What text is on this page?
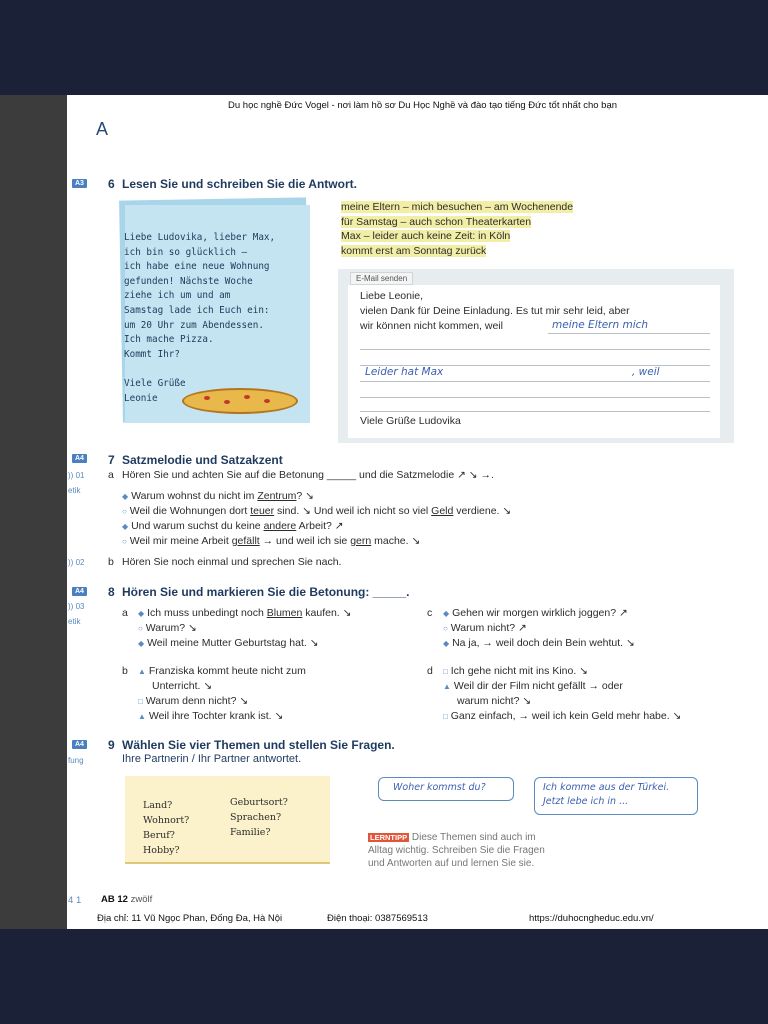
Du học nghề Đức Vogel - nơi làm hồ sơ Du Học Nghề và đào tạo tiếng Đức tốt nhất cho bạn
A
A3 6 Lesen Sie und schreiben Sie die Antwort.
Liebe Ludovika, lieber Max,
ich bin so glücklich –
ich habe eine neue Wohnung
gefunden! Nächste Woche
ziehe ich um und am
Samstag lade ich Euch ein:
um 20 Uhr zum Abendessen.
Ich mache Pizza.
Kommt Ihr?

Viele Grüße
Leonie
meine Eltern – mich besuchen – am Wochenende
für Samstag – auch schon Theaterkarten
Max – leider auch keine Zeit: in Köln
kommt erst am Sonntag zurück
E-Mail senden
Liebe Leonie,
vielen Dank für Deine Einladung. Es tut mir sehr leid, aber
wir können nicht kommen, weil	meine Eltern mich
Leider hat Max	, weil
Viele Grüße Ludovika
A4 7 Satzmelodie und Satzakzent
)) 01
etik
a Hören Sie und achten Sie auf die Betonung _____ und die Satzmelodie ↗ ↘ →.
◆ Warum wohnst du nicht im Zentrum? ↘
○ Weil die Wohnungen dort teuer sind. ↘ Und weil ich nicht so viel Geld verdiene. ↘
◆ Und warum suchst du keine andere Arbeit? ↗
○ Weil mir meine Arbeit gefällt → und weil ich sie gern mache. ↘
)) 02 b Hören Sie noch einmal und sprechen Sie nach.
A4 8 Hören Sie und markieren Sie die Betonung: _____.
)) 03
etik
a ◆ Ich muss unbedingt noch Blumen kaufen. ↘
○ Warum? ↘
◆ Weil meine Mutter Geburtstag hat. ↘
c ◆ Gehen wir morgen wirklich joggen? ↗
○ Warum nicht? ↗
◆ Na ja, → weil doch dein Bein wehtut. ↘
b ▲ Franziska kommt heute nicht zum
Unterricht. ↘
□ Warum denn nicht? ↘
▲ Weil ihre Tochter krank ist. ↘
d □ Ich gehe nicht mit ins Kino. ↘
▲ Weil dir der Film nicht gefällt → oder
warum nicht? ↘
□ Ganz einfach, → weil ich kein Geld mehr habe. ↘
A4 9 Wählen Sie vier Themen und stellen Sie Fragen.
Ihre Partnerin / Ihr Partner antwortet.
fung
Land?
Wohnort?
Beruf?
Hobby?
Geburtsort?
Sprachen?
Familie?
Woher kommst du?	Ich komme aus der Türkei.
Jetzt lebe ich in ...
LERNTIPP Diese Themen sind auch im
Alltag wichtig. Schreiben Sie die Fragen
und Antworten auf und lernen Sie sie.
4 1 AB 12 zwölf
Địa chỉ: 11 Vũ Ngọc Phan, Đống Đa, Hà Nội	Điện thoại: 0387569513	https://duhocngheduc.edu.vn/
